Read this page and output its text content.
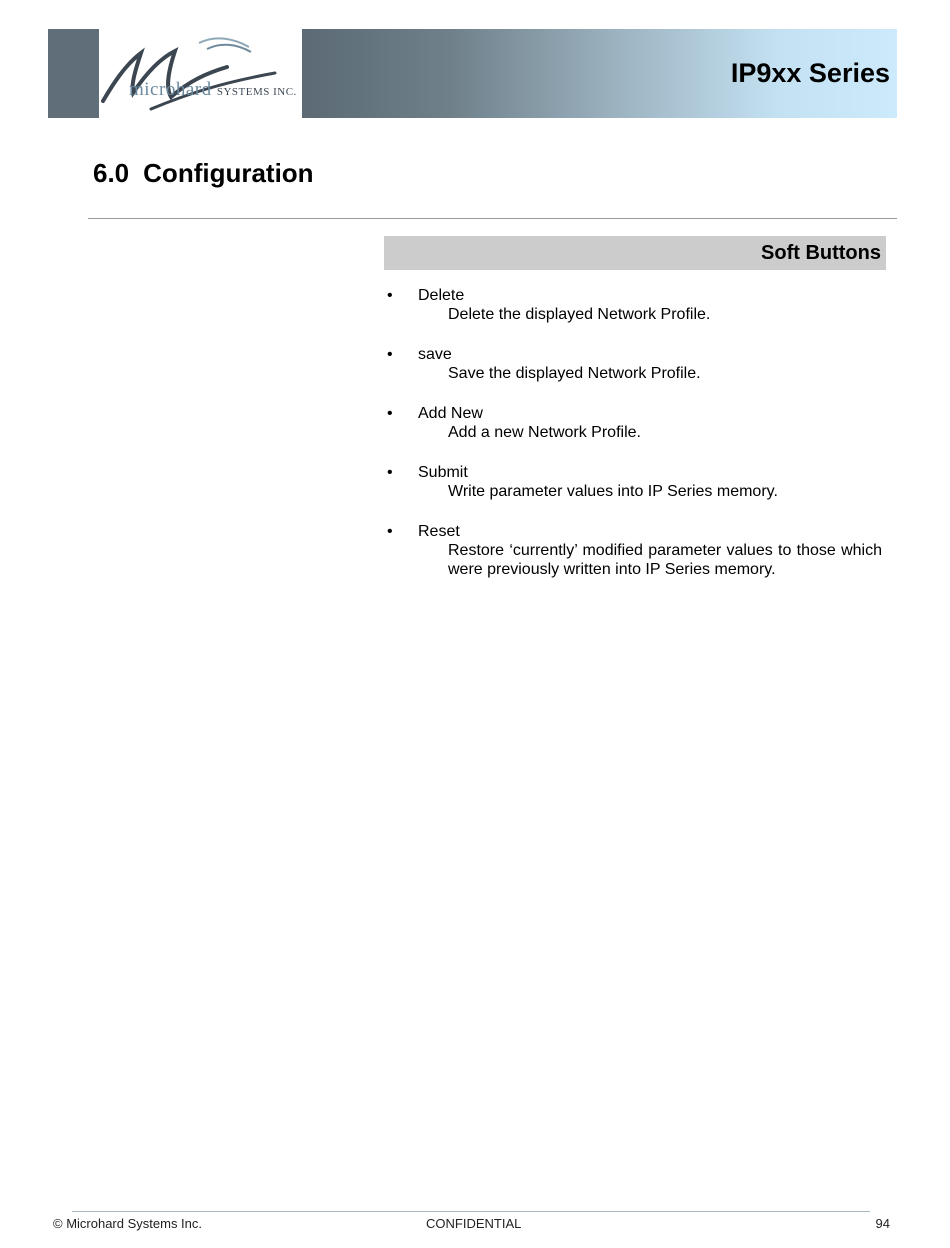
microhard SYSTEMS INC.
IP9xx Series
6.0 Configuration
Soft Buttons
• Delete
Delete the displayed Network Profile.
• save
Save the displayed Network Profile.
• Add New
Add a new Network Profile.
• Submit
Write parameter values into IP Series memory.
• Reset
Restore ‘currently’ modified parameter values to those which were previously written into IP Series memory.
© Microhard Systems Inc.	CONFIDENTIAL	94
